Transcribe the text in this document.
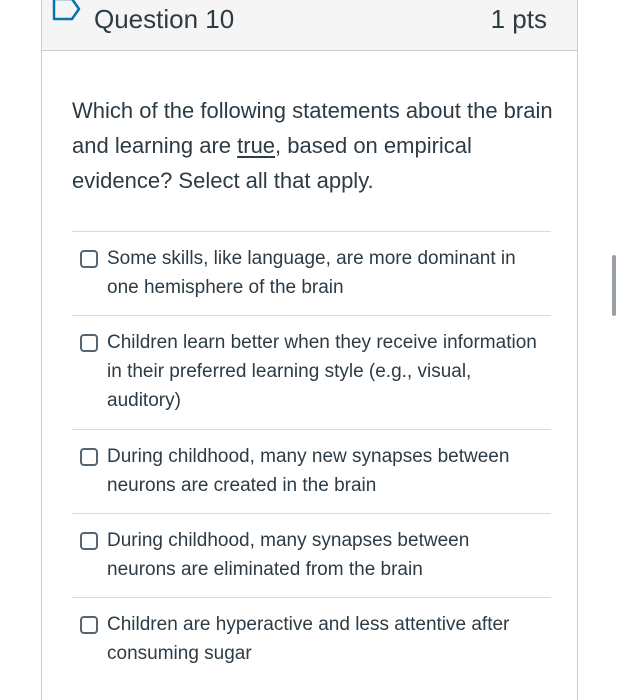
Question 10	1 pts
Which of the following statements about the brain and learning are true, based on empirical evidence? Select all that apply.
Some skills, like language, are more dominant in one hemisphere of the brain
Children learn better when they receive information in their preferred learning style (e.g., visual, auditory)
During childhood, many new synapses between neurons are created in the brain
During childhood, many synapses between neurons are eliminated from the brain
Children are hyperactive and less attentive after consuming sugar
